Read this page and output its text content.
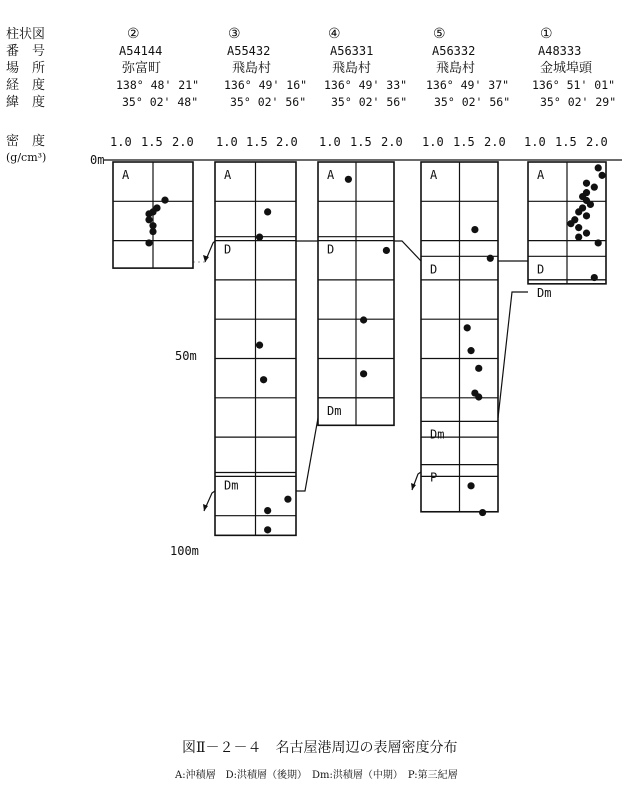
柱状図
番　号
場　所
経　度
緯　度
密　度
(g/cm³)
②
A54144
弥富町
138° 48' 21"
35° 02' 48"
③
A55432
飛島村
136° 49' 16"
35° 02' 56"
④
A56331
飛島村
136° 49' 33"
35° 02' 56"
⑤
A56332
飛島村
136° 49' 37"
35° 02' 56"
①
A48333
金城埠頭
136° 51' 01"
35° 02' 29"
1.0 1.5 2.0 1.0 1.5 2.0 1.0 1.5 2.0 1.0 1.5 2.0 1.0 1.5 2.0
0m
50m
100m
A	A
D
Dm
A
D
Dm
A
D
Dm
P
A
D
Dm
図Ⅱ－２－４　名古屋港周辺の表層密度分布
A:沖積層　D:洪積層（後期）　Dm:洪積層（中期）　P:第三紀層
